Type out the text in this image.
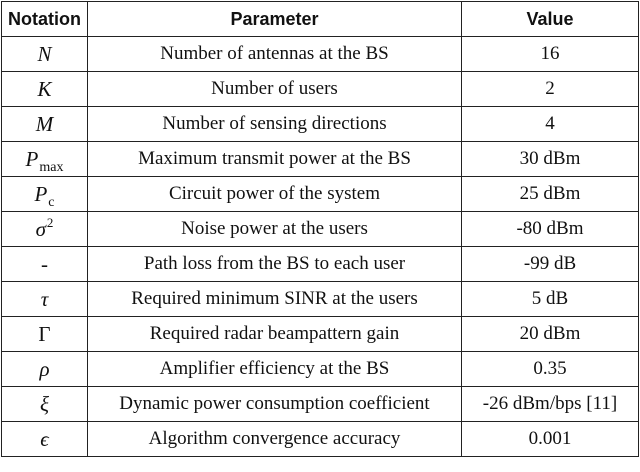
Notation	Parameter	Value
N	Number of antennas at the BS	16
K	Number of users	2
M	Number of sensing directions	4
$P_{max}$	Maximum transmit power at the BS	30 dBm
$P_c$	Circuit power of the system	25 dBm
$\sigma^2$	Noise power at the users	-80 dBm
-	Path loss from the BS to each user	-99 dB
τ	Required minimum SINR at the users	5 dB
Γ	Required radar beampattern gain	20 dBm
ρ	Amplifier efficiency at the BS	0.35
ξ	Dynamic power consumption coefficient	-26 dBm/bps [11]
ϵ	Algorithm convergence accuracy	0.001
